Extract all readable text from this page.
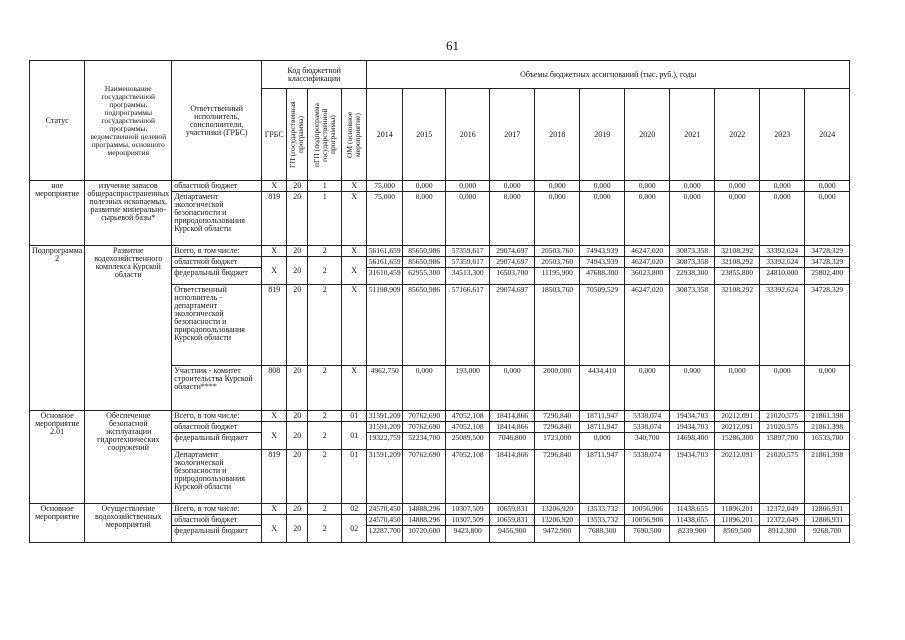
61
Статус	Наименование государственной программы, подпрограммы государственной программы, ведомственной целевой программы, основного мероприятия	Ответственный исполнитель, соисполнители, участники (ГРБС)	Код бюджетной классификации				Объемы бюджетных ассигнований (тыс. руб.), годы										
			ГРБС	ГП (государственная программа)	пГП (подпрограмма государственной программы)	ОМ (основное мероприятие)	2014	2015	2016	2017	2018	2019	2020	2021	2022	2023	2024
ное мероприятие	изучение запасов общераспространенных полезных ископаемых, развитие минерально-сырьевой базы*	областной бюджет	X	20	1	X	75,000	0,000	0,000	0,000	0,000	0,000	0,000	0,000	0,000	0,000	0,000
		Департамент экологической безопасности и природопользования Курской области	819	20	1	X	75,000	0,000	0,000	0,000	0,000	0,000	0,000	0,000	0,000	0,000	0,000
Подпрограмма 2	Развитие водохозяйственного комплекса Курской области	Всего, в том числе:	X	20	2	X	56161,659	85650,986	57359,617	29074,697	20503,760	74943,939	46247,020	30873,358	32108,292	33392,624	34728,329
		областной бюджет	X	20	2	X	56161,659	85650,986	57359,617	29074,697	20503,760	74943,939	46247,020	30873,358	32108,292	33392,624	34728,329
		федеральный бюджет					31610,459	62955,300	34513,300	16503,700	11195,900	47688,300	36023,800	22938,300	23855,800	24810,000	25802,400
		Ответственный исполнитель - департамент экологической безопасности и природопользования Курской области	819	20	2	X	51198,909	85650,986	57166,617	29074,697	18503,760	70509,529	46247,020	30873,358	32108,292	33392,624	34728,329
		Участник - комитет строительства Курской области****	808	20	2	X	4962,750	0,000	193,000	0,000	2000,000	4434,410	0,000	0,000	0,000	0,000	0,000
Основное мероприятие 2.01	Обеспечение безопасной эксплуатации гидротехнических сооружений	Всего, в том числе:	X	20	2	01	31591,209	70762,690	47052,108	18414,866	7296,840	18711,947	5338,074	19434,703	20212,091	21020,575	21861,398
		областной бюджет	X	20	2	01	31591,209	70762,690	47052,108	18414,866	7296,840	18711,947	5338,074	19434,703	20212,091	21020,575	21861,398
		федеральный бюджет					19322,759	52234,700	25089,500	7046,800	1723,000	0,000	340,700	14698,400	15286,300	15897,700	16533,700
		Департамент экологической безопасности и природопользования Курской области	819	20	2	01	31591,209	70762,690	47052,108	18414,866	7296,840	18711,947	5338,074	19434,703	20212,091	21020,575	21861,398
Основное мероприятие	Осуществление водохозяйственных мероприятий	Всего, в том числе:	X	20	2	02	24570,450	14888,296	10307,509	10659,831	13206,920	13533,732	10056,906	11438,655	11896,201	12372,049	12866,931
		областной бюджет	X	20	2	02	24570,450	14888,296	10307,509	10659,831	13206,920	13533,732	10056,906	11438,655	11896,201	12372,049	12866,931
		федеральный бюджет					12287,700	10720,600	9423,800	9456,900	9472,900	7688,300	7690,500	8239,900	8569,500	8912,300	9268,700
